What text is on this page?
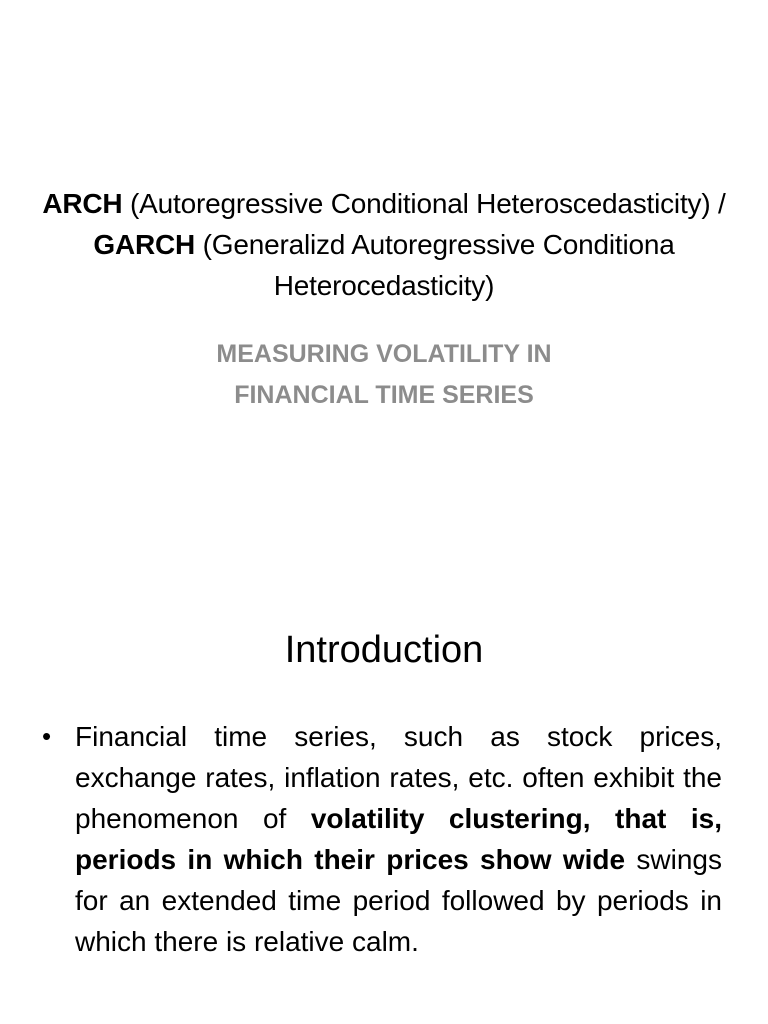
ARCH (Autoregressive Conditional Heteroscedasticity) / GARCH (Generalizd Autoregressive Conditiona Heterocedasticity)
MEASURING VOLATILITY IN
FINANCIAL TIME SERIES
Introduction
• Financial time series, such as stock prices, exchange rates, inflation rates, etc. often exhibit the phenomenon of volatility clustering, that is, periods in which their prices show wide swings for an extended time period followed by periods in which there is relative calm.
